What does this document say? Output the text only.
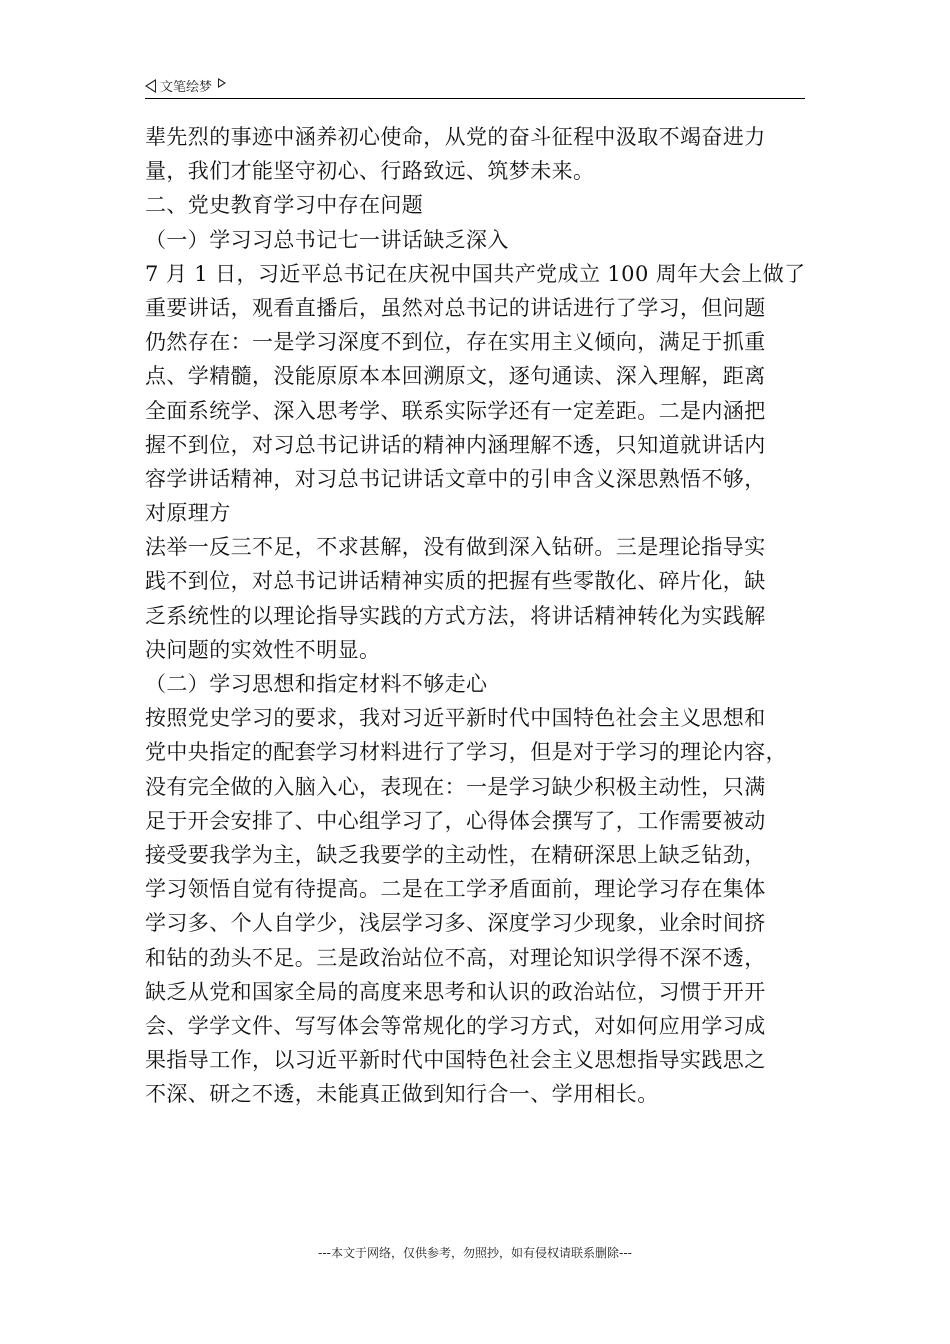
文笔绘梦
辈先烈的事迹中涵养初心使命，从党的奋斗征程中汲取不竭奋进力
量，我们才能坚守初心、行路致远、筑梦未来。
二、党史教育学习中存在问题
（一）学习习总书记七一讲话缺乏深入
7 月 1 日，习近平总书记在庆祝中国共产党成立 100 周年大会上做了
重要讲话，观看直播后，虽然对总书记的讲话进行了学习，但问题
仍然存在：一是学习深度不到位，存在实用主义倾向，满足于抓重
点、学精髓，没能原原本本回溯原文，逐句通读、深入理解，距离
全面系统学、深入思考学、联系实际学还有一定差距。二是内涵把
握不到位，对习总书记讲话的精神内涵理解不透，只知道就讲话内
容学讲话精神，对习总书记讲话文章中的引申含义深思熟悟不够，
对原理方
法举一反三不足，不求甚解，没有做到深入钻研。三是理论指导实
践不到位，对总书记讲话精神实质的把握有些零散化、碎片化，缺
乏系统性的以理论指导实践的方式方法，将讲话精神转化为实践解
决问题的实效性不明显。
（二）学习思想和指定材料不够走心
按照党史学习的要求，我对习近平新时代中国特色社会主义思想和
党中央指定的配套学习材料进行了学习，但是对于学习的理论内容，
没有完全做的入脑入心，表现在：一是学习缺少积极主动性，只满
足于开会安排了、中心组学习了，心得体会撰写了，工作需要被动
接受要我学为主，缺乏我要学的主动性，在精研深思上缺乏钻劲，
学习领悟自觉有待提高。二是在工学矛盾面前，理论学习存在集体
学习多、个人自学少，浅层学习多、深度学习少现象，业余时间挤
和钻的劲头不足。三是政治站位不高，对理论知识学得不深不透，
缺乏从党和国家全局的高度来思考和认识的政治站位，习惯于开开
会、学学文件、写写体会等常规化的学习方式，对如何应用学习成
果指导工作，以习近平新时代中国特色社会主义思想指导实践思之
不深、研之不透，未能真正做到知行合一、学用相长。
---本文于网络，仅供参考，勿照抄，如有侵权请联系删除---
